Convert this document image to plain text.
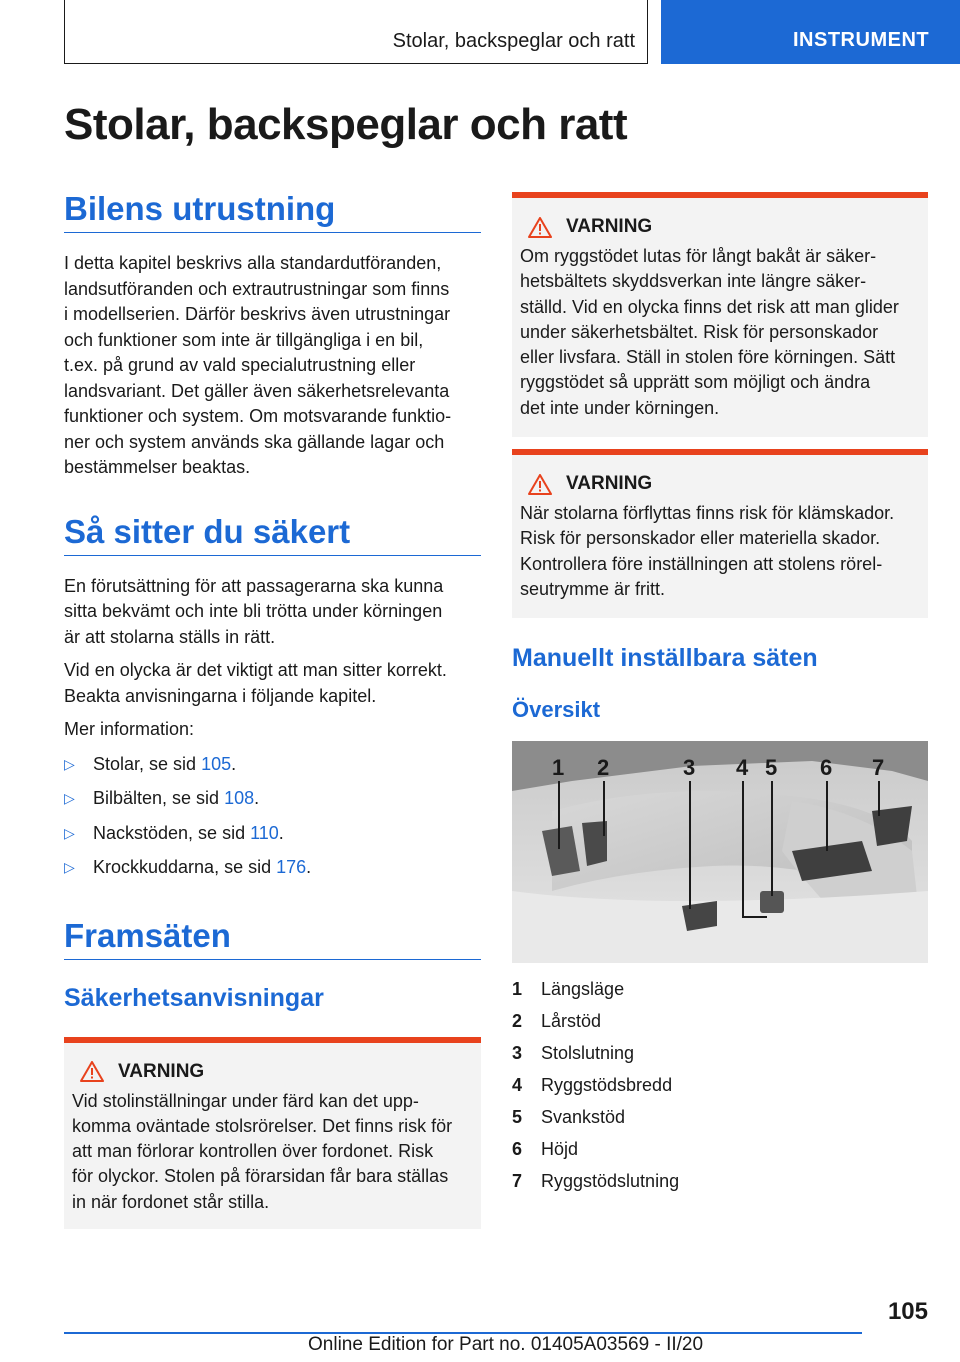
Stolar, backspeglar och ratt	INSTRUMENT
Stolar, backspeglar och ratt
Bilens utrustning

I detta kapitel beskrivs alla standardutföranden,
landsutföranden och extrautrustningar som finns
i modellserien. Därför beskrivs även utrustningar
och funktioner som inte är tillgängliga i en bil,
t.ex. på grund av vald specialutrustning eller
landsvariant. Det gäller även säkerhetsrelevanta
funktioner och system. Om motsvarande funktio‐
ner och system används ska gällande lagar och
bestämmelser beaktas.

Så sitter du säkert

En förutsättning för att passagerarna ska kunna
sitta bekvämt och inte bli trötta under körningen
är att stolarna ställs in rätt.

Vid en olycka är det viktigt att man sitter korrekt.
Beakta anvisningarna i följande kapitel.

Mer information:

▷ Stolar, se sid 105.
▷ Bilbälten, se sid 108.
▷ Nackstöden, se sid 110.
▷ Krockkuddarna, se sid 176.
Framsäten
Säkerhetsanvisningar
VARNING

Vid stolinställningar under färd kan det upp‐
komma oväntade stolsrörelser. Det finns risk för
att man förlorar kontrollen över fordonet. Risk
för olyckor. Stolen på förarsidan får bara ställas
in när fordonet står stilla.

VARNING

Om ryggstödet lutas för långt bakåt är säker‐
hetsbältets skyddsverkan inte längre säker‐
ställd. Vid en olycka finns det risk att man glider
under säkerhetsbältet. Risk för personskador
eller livsfara. Ställ in stolen före körningen. Sätt
ryggstödet så upprätt som möjligt och ändra
det inte under körningen.

VARNING

När stolarna förflyttas finns risk för klämskador.
Risk för personskador eller materiella skador.
Kontrollera före inställningen att stolens rörel‐
seutrymme är fritt.

Manuellt inställbara säten
Översikt
1 2	3 4 5 6 7
1	Längsläge
2	Lårstöd
3	Stolslutning
4	Ryggstödsbredd
5	Svankstöd
6	Höjd
7	Ryggstödslutning
105
Online Edition for Part no. 01405A03569 - II/20
